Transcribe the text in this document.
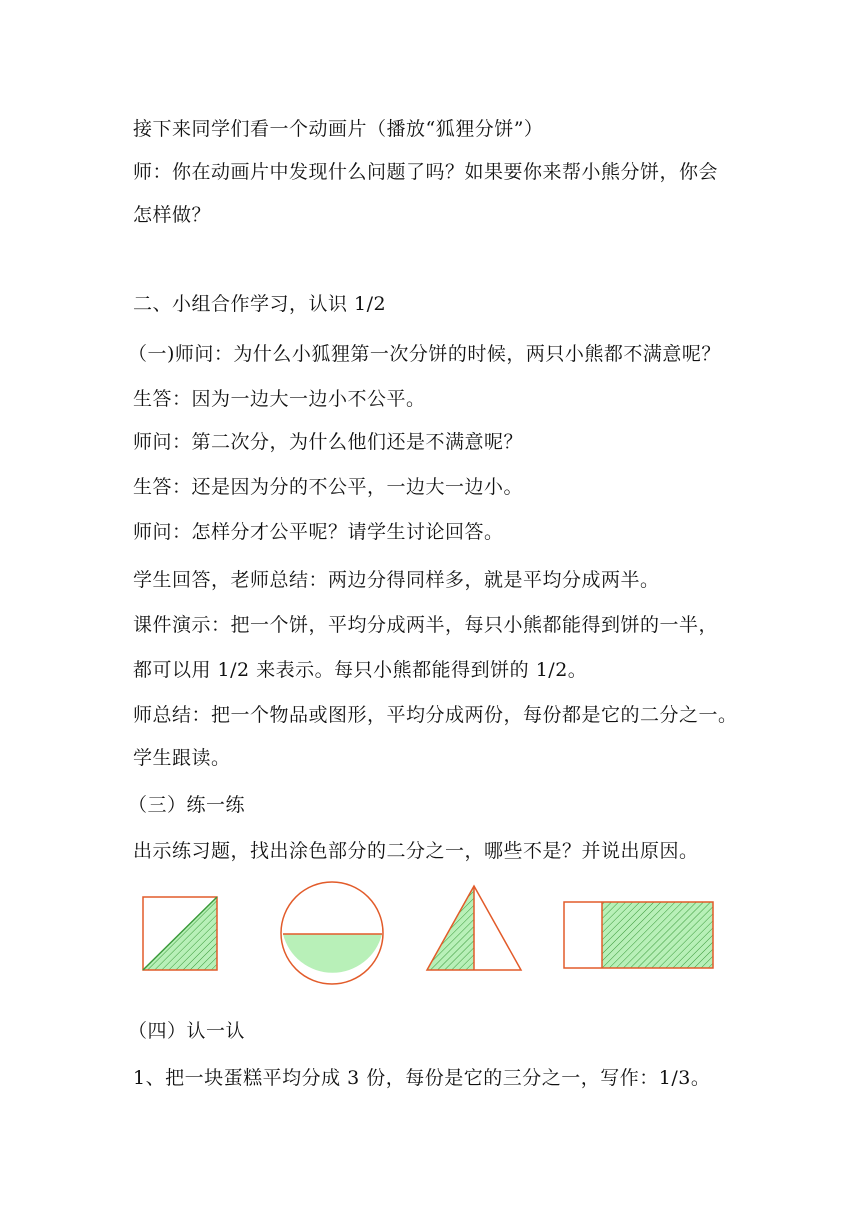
接下来同学们看一个动画片（播放“狐狸分饼”）
师：你在动画片中发现什么问题了吗？如果要你来帮小熊分饼，你会
怎样做？
二、小组合作学习，认识 1/2
（一)师问：为什么小狐狸第一次分饼的时候，两只小熊都不满意呢？
生答：因为一边大一边小不公平。
师问：第二次分，为什么他们还是不满意呢？
生答：还是因为分的不公平，一边大一边小。
师问：怎样分才公平呢？请学生讨论回答。
学生回答，老师总结：两边分得同样多，就是平均分成两半。
课件演示：把一个饼，平均分成两半，每只小熊都能得到饼的一半，
都可以用 1/2 来表示。每只小熊都能得到饼的 1/2。
师总结：把一个物品或图形，平均分成两份，每份都是它的二分之一。
学生跟读。
（三）练一练
出示练习题，找出涂色部分的二分之一，哪些不是？并说出原因。
（四）认一认
1、把一块蛋糕平均分成 3 份，每份是它的三分之一，写作：1/3。
